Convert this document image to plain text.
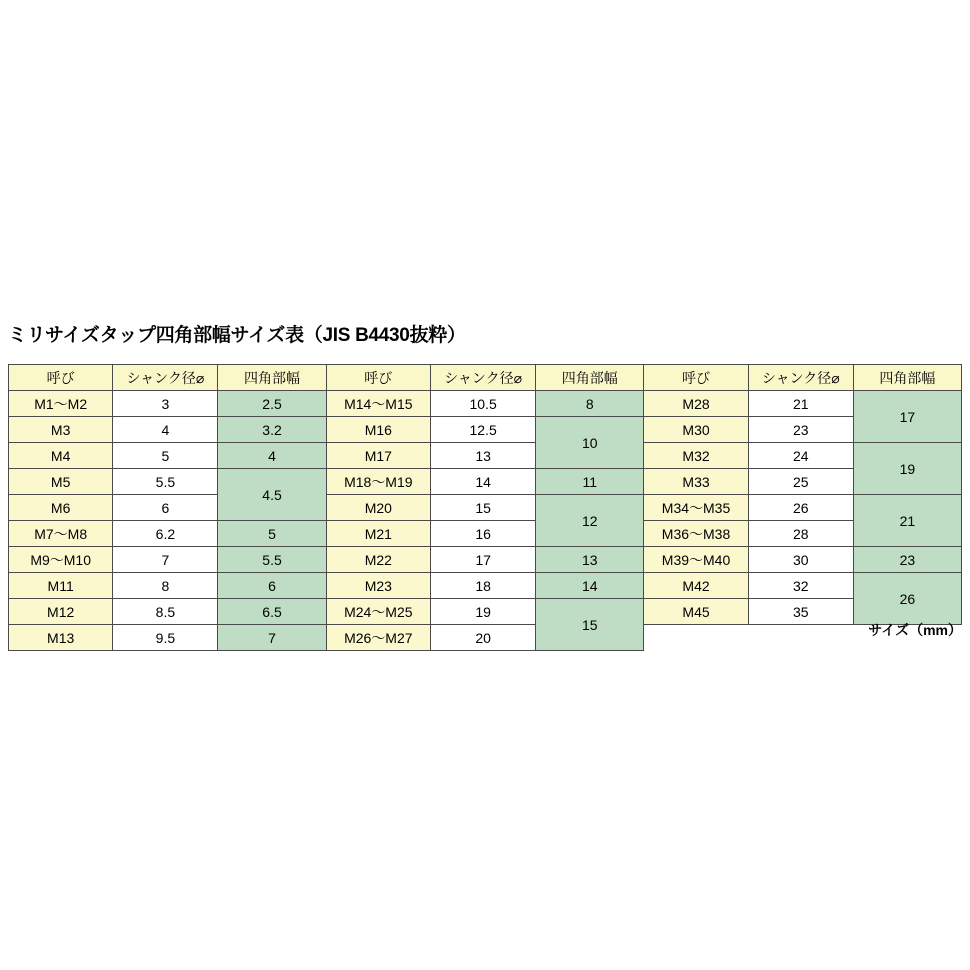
ミリサイズタップ四角部幅サイズ表（JIS B4430抜粋）
呼び	シャンク径⌀	四角部幅	呼び	シャンク径⌀	四角部幅	呼び	シャンク径⌀	四角部幅
M1〜M2	3	2.5	M14〜M15	10.5	8	M28	21	17
M3	4	3.2	M16	12.5	10	M30	23	
M4	5	4	M17	13		M32	24	19
M5	5.5	4.5	M18〜M19	14	11	M33	25	
M6	6		M20	15	12	M34〜M35	26	21
M7〜M8	6.2	5	M21	16		M36〜M38	28	
M9〜M10	7	5.5	M22	17	13	M39〜M40	30	23
M11	8	6	M23	18	14	M42	32	26
M12	8.5	6.5	M24〜M25	19	15	M45	35	
M13	9.5	7	M26〜M27	20					サイズ（mm）
